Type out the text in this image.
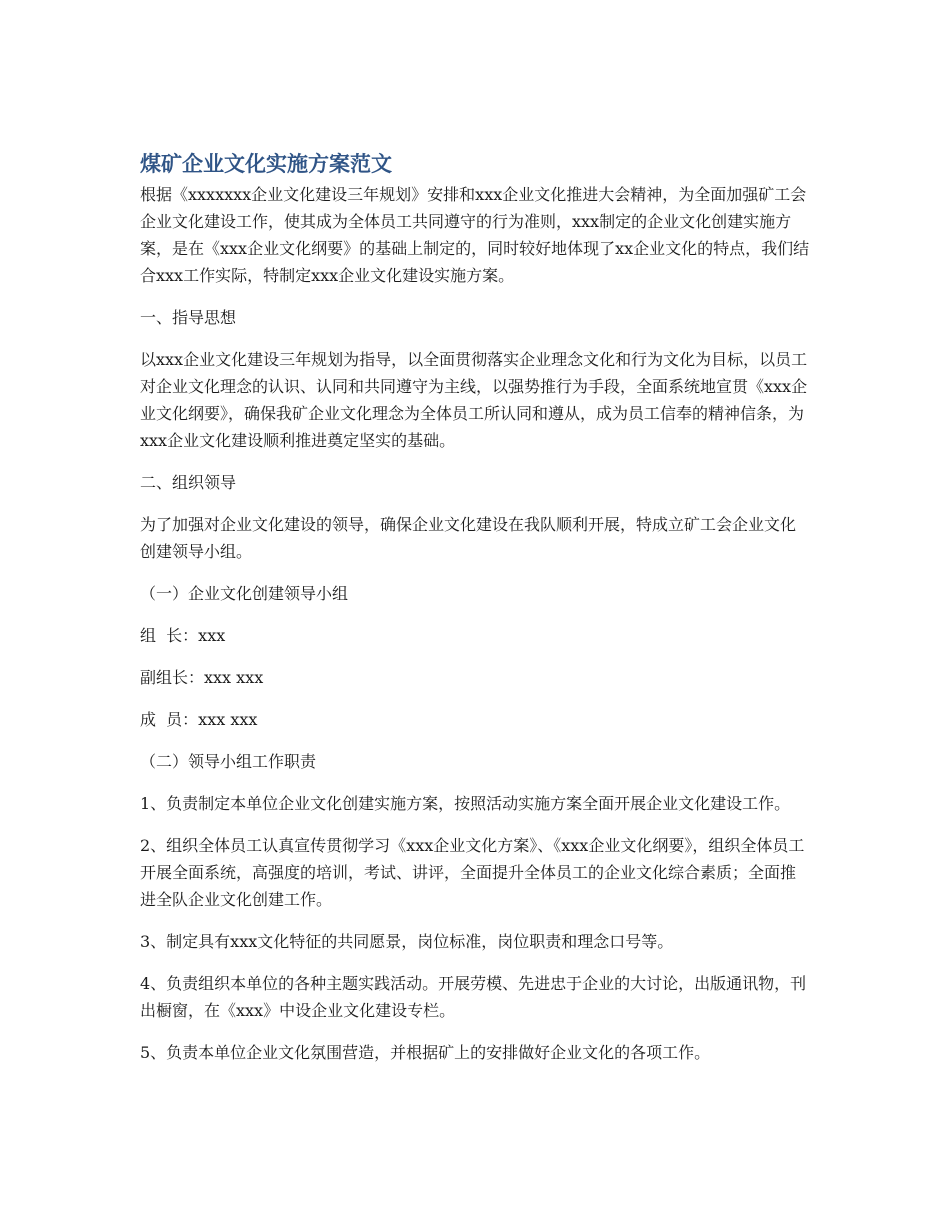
煤矿企业文化实施方案范文

根据《xxxxxxx企业文化建设三年规划》安排和xxx企业文化推进大会精神，为全面加强矿工会企业文化建设工作，使其成为全体员工共同遵守的行为准则，xxx制定的企业文化创建实施方案，是在《xxx企业文化纲要》的基础上制定的，同时较好地体现了xx企业文化的特点，我们结合xxx工作实际，特制定xxx企业文化建设实施方案。

一、指导思想

以xxx企业文化建设三年规划为指导，以全面贯彻落实企业理念文化和行为文化为目标，以员工对企业文化理念的认识、认同和共同遵守为主线，以强势推行为手段，全面系统地宣贯《xxx企业文化纲要》，确保我矿企业文化理念为全体员工所认同和遵从，成为员工信奉的精神信条，为xxx企业文化建设顺利推进奠定坚实的基础。

二、组织领导

为了加强对企业文化建设的领导，确保企业文化建设在我队顺利开展，特成立矿工会企业文化创建领导小组。

（一）企业文化创建领导小组

组  长：xxx

副组长：xxx xxx

成  员：xxx xxx

（二）领导小组工作职责

1、负责制定本单位企业文化创建实施方案，按照活动实施方案全面开展企业文化建设工作。

2、组织全体员工认真宣传贯彻学习《xxx企业文化方案》、《xxx企业文化纲要》，组织全体员工开展全面系统，高强度的培训，考试、讲评，全面提升全体员工的企业文化综合素质；全面推进全队企业文化创建工作。

3、制定具有xxx文化特征的共同愿景，岗位标准，岗位职责和理念口号等。

4、负责组织本单位的各种主题实践活动。开展劳模、先进忠于企业的大讨论，出版通讯物，刊出橱窗，在《xxx》中设企业文化建设专栏。

5、负责本单位企业文化氛围营造，并根据矿上的安排做好企业文化的各项工作。
